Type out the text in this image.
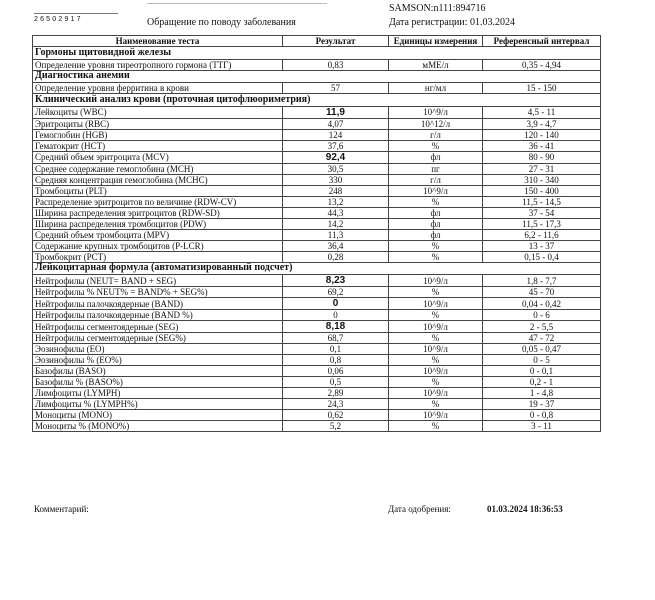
26502917	Обращение по поводу заболевания
SAMSON:n111:894716
Дата регистрации: 01.03.2024
Наименование теста	Результат	Единицы измерения	Референсный интервал
Гормоны щитовидной железы			
Определение уровня тиреотропного гормона (ТТГ)	0,83	мМЕ/л	0,35 - 4,94
Диагностика анемии			
Определение уровня ферритина в крови	57	нг/мл	15 - 150
Клинический анализ крови (проточная цитофлюориметрия)			
Лейкоциты (WBC)	11,9	10^9/л	4,5 - 11
Эритроциты (RBC)	4,07	10^12/л	3,9 - 4,7
Гемоглобин (HGB)	124	г/л	120 - 140
Гематокрит (HCT)	37,6	%	36 - 41
Средний объем эритроцита (MCV)	92,4	фл	80 - 90
Среднее содержание гемоглобина (MCH)	30,5	пг	27 - 31
Средняя концентрация гемоглобина (MCHC)	330	г/л	310 - 340
Тромбоциты (PLT)	248	10^9/л	150 - 400
Распределение эритроцитов по величине (RDW-CV)	13,2	%	11,5 - 14,5
Ширина распределения эритроцитов (RDW-SD)	44,3	фл	37 - 54
Ширина распределения тромбоцитов (PDW)	14,2	фл	11,5 - 17,3
Средний объем тромбоцита (MPV)	11,3	фл	6,2 - 11,6
Содержание крупных тромбоцитов (P-LCR)	36,4	%	13 - 37
Тромбокрит (PCT)	0,28	%	0,15 - 0,4
Лейкоцитарная формула (автоматизированный подсчет)			
Нейтрофилы (NEUT= BAND + SEG)	8,23	10^9/л	1,8 - 7,7
Нейтрофилы % NEUT% = BAND% + SEG%)	69,2	%	45 - 70
Нейтрофилы палочкоядерные (BAND)	0	10^9/л	0,04 - 0,42
Нейтрофилы палочкоядерные (BAND %)	0	%	0 - 6
Нейтрофилы сегментоядерные (SEG)	8,18	10^9/л	2 - 5,5
Нейтрофилы сегментоядерные (SEG%)	68,7	%	47 - 72
Эозинофилы (EO)	0,1	10^9/л	0,05 - 0,47
Эозинофилы % (EO%)	0,8	%	0 - 5
Базофилы (BASO)	0,06	10^9/л	0 - 0,1
Базофилы % (BASO%)	0,5	%	0,2 - 1
Лимфоциты (LYMPH)	2,89	10^9/л	1 - 4,8
Лимфоциты % (LYMPH%)	24,3	%	19 - 37
Моноциты (MONO)	0,62	10^9/л	0 - 0,8
Моноциты % (MONO%)	5,2	%	3 - 11
Комментарий:	Дата одобрения:	01.03.2024 18:36:53
